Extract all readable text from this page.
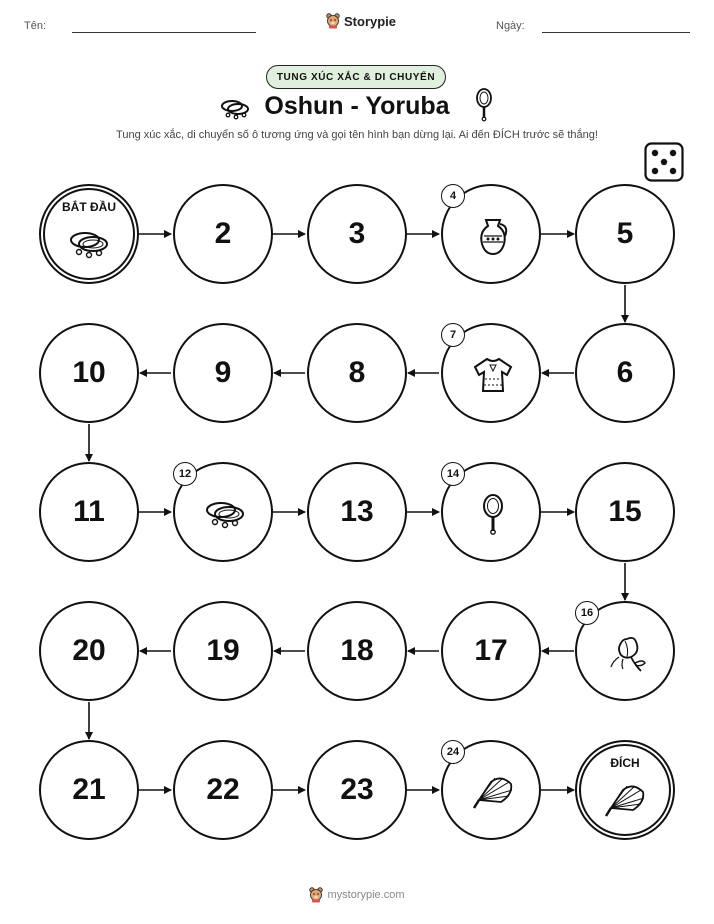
Tên:	Storypie	Ngày:
TUNG XÚC XẮC & DI CHUYỂN
Oshun - Yoruba
Tung xúc xắc, di chuyển số ô tương ứng và gọi tên hình bạn dừng lại. Ai đến ĐÍCH trước sẽ thắng!
BẮT ĐẦU
2	3
4
5
6
7
8
9
10
11
12
13
14
15
16
17
18
19
20
21	22	23
24
ĐÍCH
mystorypie.com
